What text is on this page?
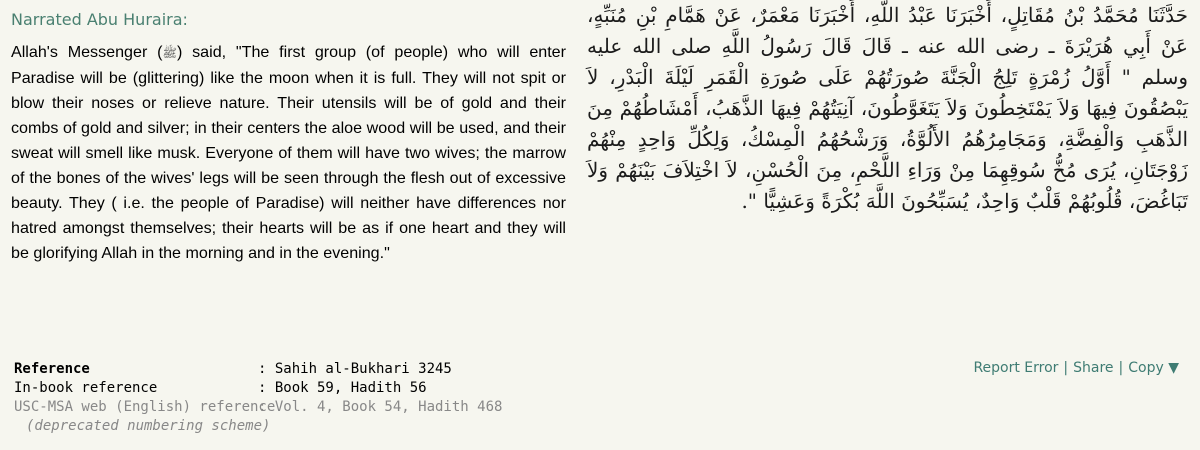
Narrated Abu Huraira:
Allah's Messenger (ﷺ) said, "The first group (of people) who will enter Paradise will be (glittering) like the moon when it is full. They will not spit or blow their noses or relieve nature. Their utensils will be of gold and their combs of gold and silver; in their centers the aloe wood will be used, and their sweat will smell like musk. Everyone of them will have two wives; the marrow of the bones of the wives' legs will be seen through the flesh out of excessive beauty. They ( i.e. the people of Paradise) will neither have differences nor hatred amongst themselves; their hearts will be as if one heart and they will be glorifying Allah in the morning and in the evening."
حَدَّثَنَا مُحَمَّدُ بْنُ مُقَاتِلٍ، أَخْبَرَنَا عَبْدُ اللَّهِ، أَخْبَرَنَا مَعْمَرٌ، عَنْ هَمَّامِ بْنِ مُنَبِّهٍ، عَنْ أَبِي هُرَيْرَةَ ـ رضى الله عنه ـ قَالَ قَالَ رَسُولُ اللَّهِ صلى الله عليه وسلم " أَوَّلُ زُمْرَةٍ تَلِجُ الْجَنَّةَ صُورَتُهُمْ عَلَى صُورَةِ الْقَمَرِ لَيْلَةَ الْبَدْرِ، لاَ يَبْصُقُونَ فِيهَا وَلاَ يَمْتَخِطُونَ وَلاَ يَتَغَوَّطُونَ، آنِيَتُهُمْ فِيهَا الذَّهَبُ، أَمْشَاطُهُمْ مِنَ الذَّهَبِ وَالْفِضَّةِ، وَمَجَامِرُهُمُ الأَلُوَّةُ، وَرَشْحُهُمُ الْمِسْكُ، وَلِكُلِّ وَاحِدٍ مِنْهُمْ زَوْجَتَانِ، يُرَى مُخُّ سُوقِهِمَا مِنْ وَرَاءِ اللَّحْمِ، مِنَ الْحُسْنِ، لاَ اخْتِلاَفَ بَيْنَهُمْ وَلاَ تَبَاغُضَ، قُلُوبُهُمْ قَلْبٌ وَاحِدٌ، يُسَبِّحُونَ اللَّهَ بُكْرَةً وَعَشِيًّا ".
Reference	: Sahih al-Bukhari 3245
In-book reference	: Book 59, Hadith 56
USC-MSA web (English) reference
: Vol. 4, Book 54, Hadith 468
(deprecated numbering scheme)
Report Error | Share | Copy ▼
